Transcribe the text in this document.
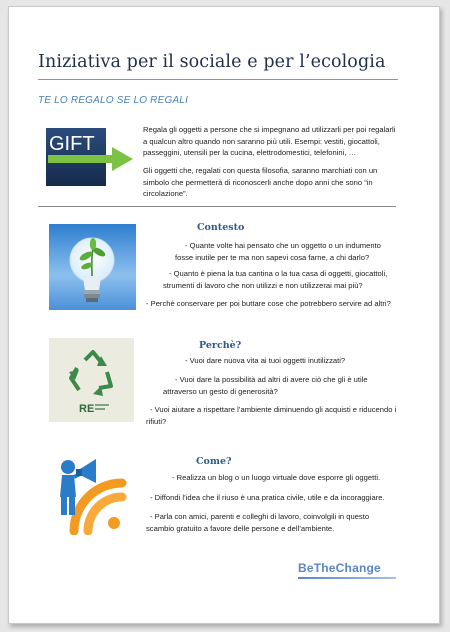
Iniziativa per il sociale e per l’ecologia
TE LO REGALO SE LO REGALI
GIFT
Regala gli oggetti a persone che si impegnano ad utilizzarli per poi regalarli a qualcun altro quando non saranno più utili. Esempi: vestiti, giocattoli, passeggini, utensili per la cucina, elettrodomestici, telefonini, …
Gli oggetti che, regalati con questa filosofia, saranno marchiati con un simbolo che permetterà di riconoscerli anche dopo anni che sono “in circolazione”.
Contesto
- Quante volte hai pensato che un oggetto o un indumento fosse inutile per te ma non sapevi cosa farne, a chi darlo?
- Quanto è piena la tua cantina o la tua casa di oggetti, giocattoli, strumenti di lavoro che non utilizzi e non utilizzerai mai più?
- Perchè conservare per poi buttare cose che potrebbero servire ad altri?
RE
Perchè?
- Vuoi dare nuova vita ai tuoi oggetti inutilizzati?
- Vuoi dare la possibilità ad altri di avere ciò che gli è utile attraverso un gesto di generosità?
- Vuoi aiutare a rispettare l’ambiente diminuendo gli acquisti e riducendo i rifiuti?
Come?
- Realizza un blog o un luogo virtuale dove esporre gli oggetti.
- Diffondi l’idea che il riuso è una pratica civile, utile e da incoraggiare.
- Parla con amici, parenti e colleghi di lavoro, coinvolgili in questo scambio gratuito a favore delle persone e dell’ambiente.
BeTheChange
